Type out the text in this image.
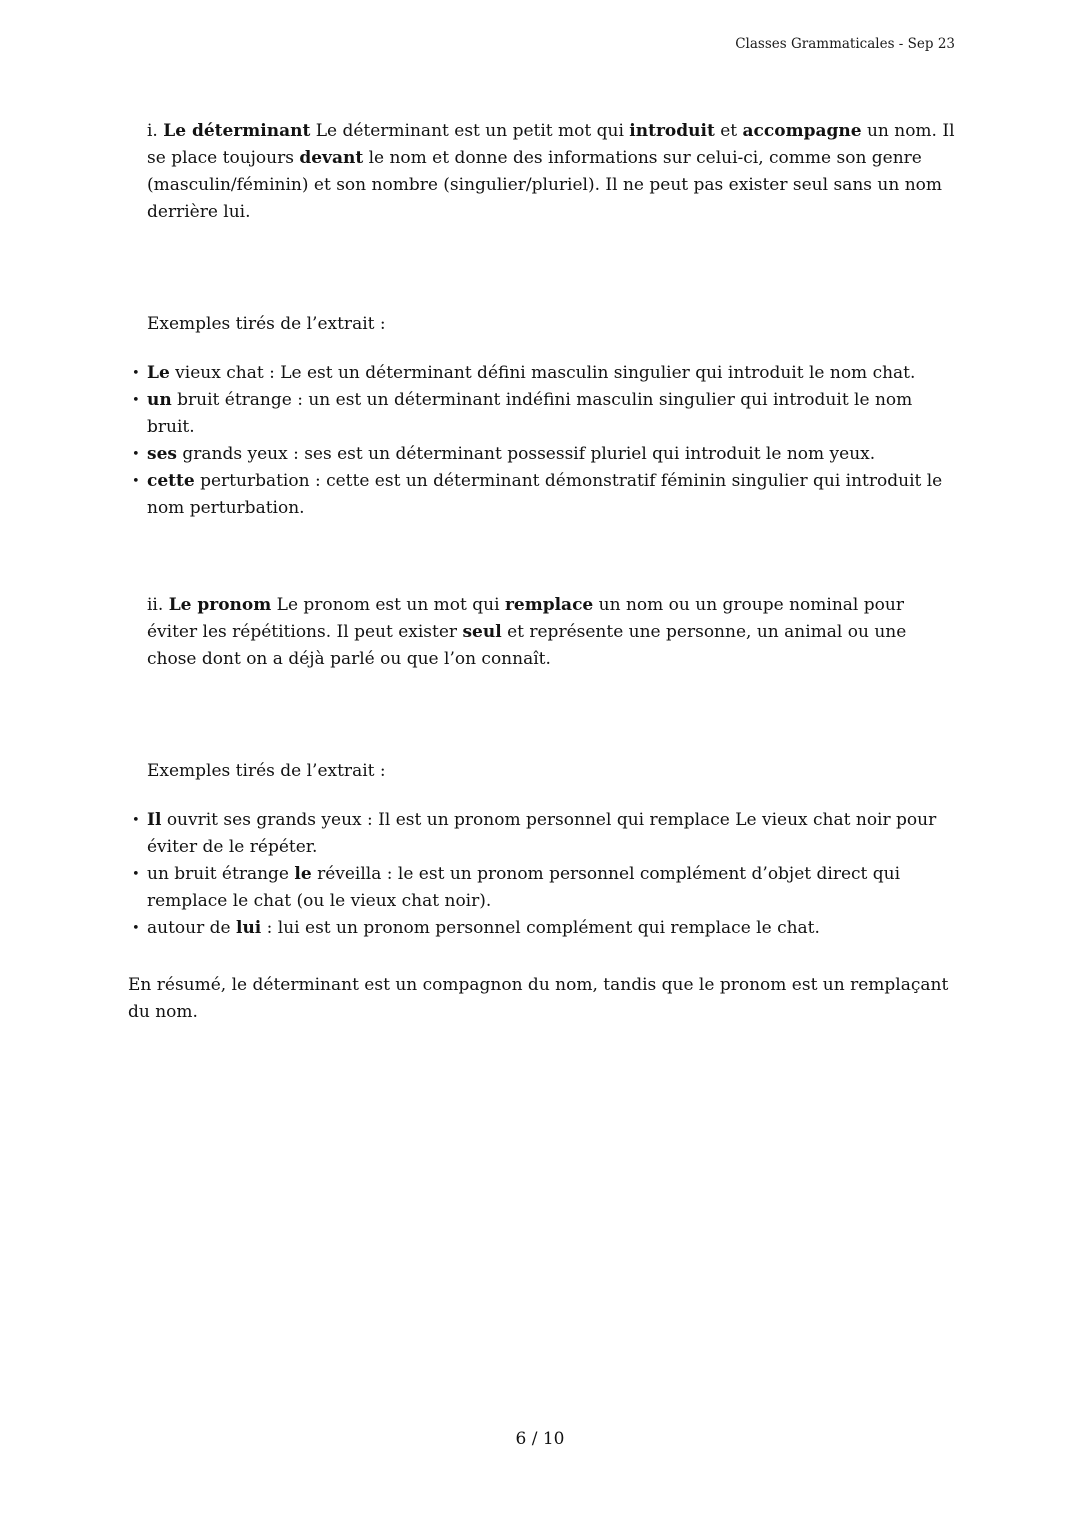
Classes Grammaticales - Sep 23

i. Le déterminant Le déterminant est un petit mot qui introduit et accompagne un nom. Il se place toujours devant le nom et donne des informations sur celui-ci, comme son genre (masculin/féminin) et son nombre (singulier/pluriel). Il ne peut pas exister seul sans un nom derrière lui.

Exemples tirés de l’extrait :

• Le vieux chat : Le est un déterminant défini masculin singulier qui introduit le nom chat.
• un bruit étrange : un est un déterminant indéfini masculin singulier qui introduit le nom bruit.
• ses grands yeux : ses est un déterminant possessif pluriel qui introduit le nom yeux.
• cette perturbation : cette est un déterminant démonstratif féminin singulier qui introduit le nom perturbation.

ii. Le pronom Le pronom est un mot qui remplace un nom ou un groupe nominal pour éviter les répétitions. Il peut exister seul et représente une personne, un animal ou une chose dont on a déjà parlé ou que l’on connaît.

Exemples tirés de l’extrait :

• Il ouvrit ses grands yeux : Il est un pronom personnel qui remplace Le vieux chat noir pour éviter de le répéter.
• un bruit étrange le réveilla : le est un pronom personnel complément d’objet direct qui remplace le chat (ou le vieux chat noir).
• autour de lui : lui est un pronom personnel complément qui remplace le chat.

En résumé, le déterminant est un compagnon du nom, tandis que le pronom est un remplaçant du nom.

6 / 10
